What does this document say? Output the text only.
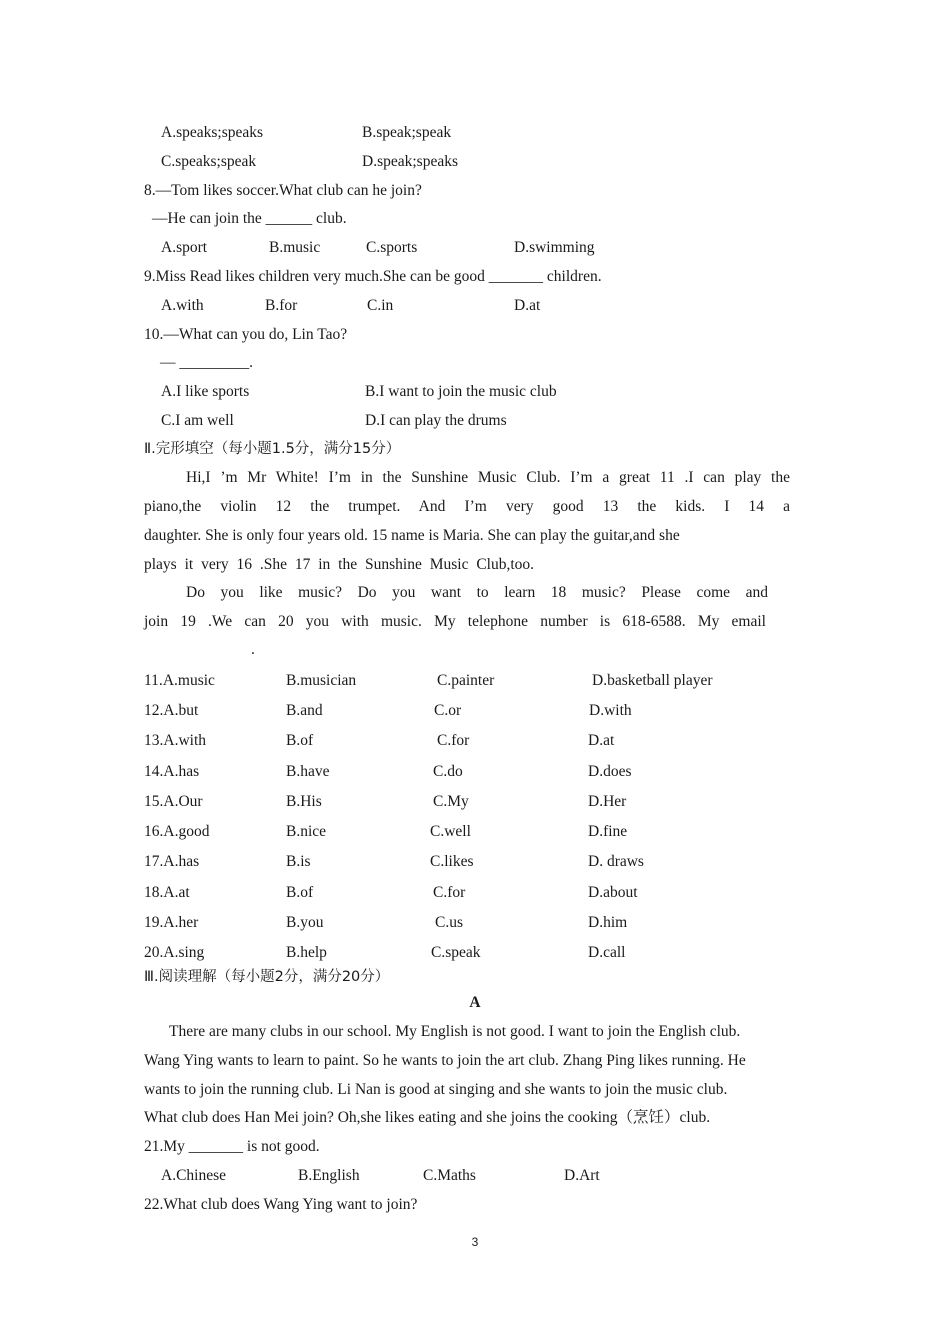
A.speaks;speaks	B.speak;speak
C.speaks;speak	D.speak;speaks
8.—Tom likes soccer.What club can he join?
—He can join the ______ club.
A.sport	B.music	C.sports	D.swimming
9.Miss Read likes children very much.She can be good _______ children.
A.with	B.for	C.in	D.at
10.—What can you do, Lin Tao?
— _________.
A.I like sports	B.I want to join the music club
C.I am well	D.I can play the drums
Ⅱ.完形填空（每小题1.5分，满分15分）
Hi,I ’m Mr White! I’m in the Sunshine Music Club. I’m a great 11 .I can play the
piano,the violin 12 the trumpet. And I’m very good 13 the kids. I 14 a
daughter. She is only four years old. 15 name is Maria. She can play the guitar,and she
plays it very 16 .She 17 in the Sunshine Music Club,too.
Do you like music? Do you want to learn 18 music? Please come and
join 19 .We can 20 you with music. My telephone number is 618-6588. My email
.
11.A.music	B.musician	C.painter	D.basketball player
12.A.but	B.and	C.or	D.with
13.A.with	B.of	C.for	D.at
14.A.has	B.have	C.do	D.does
15.A.Our	B.His	C.My	D.Her
16.A.good	B.nice	C.well	D.fine
17.A.has	B.is	C.likes	D. draws
18.A.at	B.of	C.for	D.about
19.A.her	B.you	C.us	D.him
20.A.sing	B.help	C.speak	D.call
Ⅲ.阅读理解（每小题2分，满分20分）
A
There are many clubs in our school. My English is not good. I want to join the English club.
Wang Ying wants to learn to paint. So he wants to join the art club. Zhang Ping likes running. He
wants to join the running club. Li Nan is good at singing and she wants to join the music club.
What club does Han Mei join? Oh,she likes eating and she joins the cooking（烹饪）club.
21.My _______ is not good.
A.Chinese	B.English	C.Maths	D.Art
22.What club does Wang Ying want to join?
3
